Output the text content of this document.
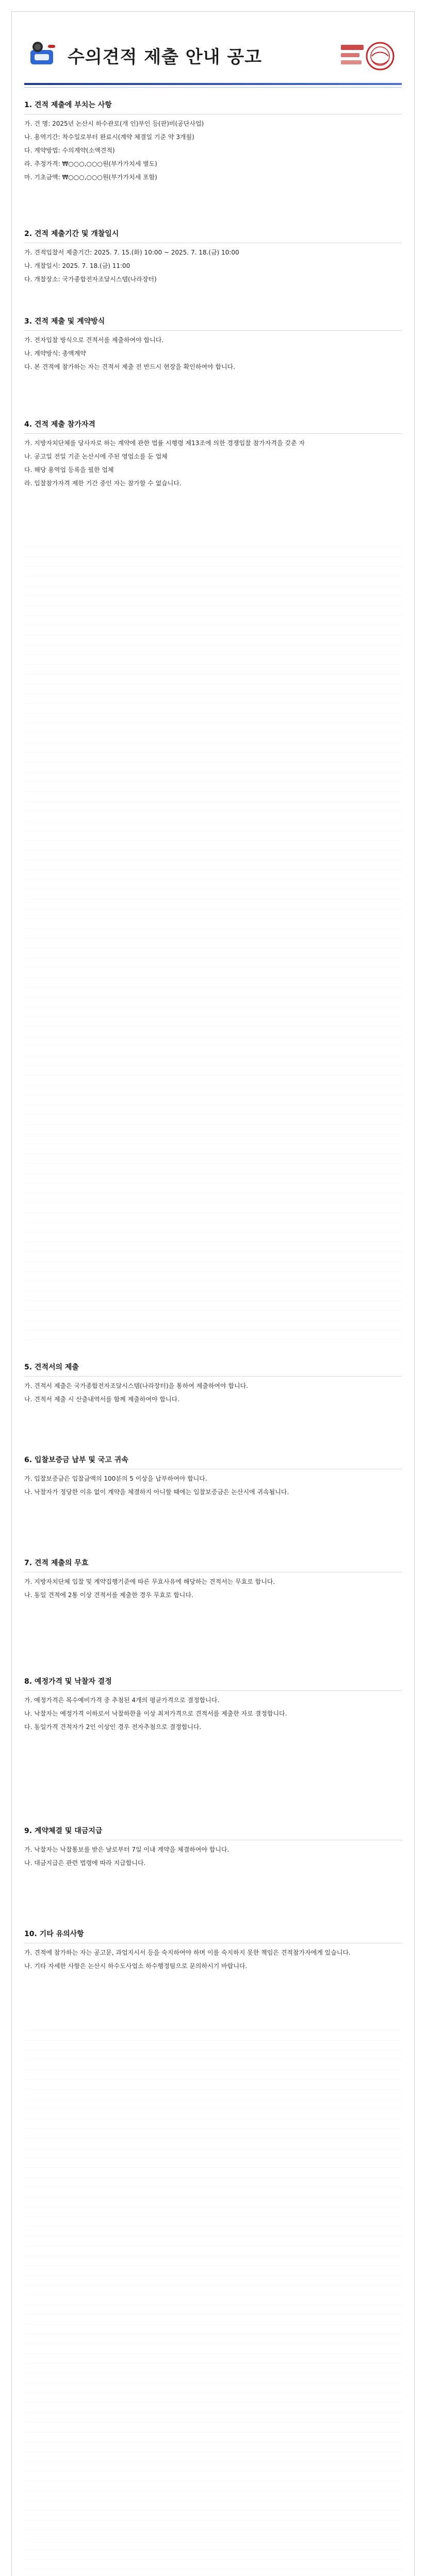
수의견적 제출 안내 공고
1. 견적 제출에 부치는 사항
가. 건 명: 2025년 논산시 하수관로(개 인)부인 등(판)비(공단사업)
나. 용역기간: 착수일로부터 완료시(계약 체결일 기준 약 3개월)
다. 계약방법: 수의계약(소액견적)
라. 추정가격: ₩○○○,○○○원(부가가치세 별도)
마. 기초금액: ₩○○○,○○○원(부가가치세 포함)
2. 견적 제출기간 및 개찰일시
가. 견적입찰서 제출기간: 2025. 7. 15.(화) 10:00 ~ 2025. 7. 18.(금) 10:00
나. 개찰일시: 2025. 7. 18.(금) 11:00
다. 개찰장소: 국가종합전자조달시스템(나라장터)
3. 견적 제출 및 계약방식
가. 전자입찰 방식으로 견적서를 제출하여야 합니다.
나. 계약방식: 총액계약
다. 본 견적에 참가하는 자는 견적서 제출 전 반드시 현장을 확인하여야 합니다.
4. 견적 제출 참가자격
가. 지방자치단체를 당사자로 하는 계약에 관한 법률 시행령 제13조에 의한 경쟁입찰 참가자격을 갖춘 자
나. 공고일 전일 기준 논산시에 주된 영업소를 둔 업체
다. 해당 용역업 등록을 필한 업체
라. 입찰참가자격 제한 기간 중인 자는 참가할 수 없습니다.
5. 견적서의 제출
가. 견적서 제출은 국가종합전자조달시스템(나라장터)을 통하여 제출하여야 합니다.
나. 견적서 제출 시 산출내역서를 함께 제출하여야 합니다.
6. 입찰보증금 납부 및 국고 귀속
가. 입찰보증금은 입찰금액의 100분의 5 이상을 납부하여야 합니다.
나. 낙찰자가 정당한 이유 없이 계약을 체결하지 아니할 때에는 입찰보증금은 논산시에 귀속됩니다.
7. 견적 제출의 무효
가. 지방자치단체 입찰 및 계약집행기준에 따른 무효사유에 해당하는 견적서는 무효로 합니다.
나. 동일 견적에 2통 이상 견적서를 제출한 경우 무효로 합니다.
8. 예정가격 및 낙찰자 결정
가. 예정가격은 복수예비가격 중 추첨된 4개의 평균가격으로 결정합니다.
나. 낙찰자는 예정가격 이하로서 낙찰하한율 이상 최저가격으로 견적서를 제출한 자로 결정합니다.
다. 동일가격 견적자가 2인 이상인 경우 전자추첨으로 결정합니다.
9. 계약체결 및 대금지급
가. 낙찰자는 낙찰통보를 받은 날로부터 7일 이내 계약을 체결하여야 합니다.
나. 대금지급은 관련 법령에 따라 지급합니다.
10. 기타 유의사항
가. 견적에 참가하는 자는 공고문, 과업지시서 등을 숙지하여야 하며 이를 숙지하지 못한 책임은 견적참가자에게 있습니다.
나. 기타 자세한 사항은 논산시 하수도사업소 하수행정팀으로 문의하시기 바랍니다.
